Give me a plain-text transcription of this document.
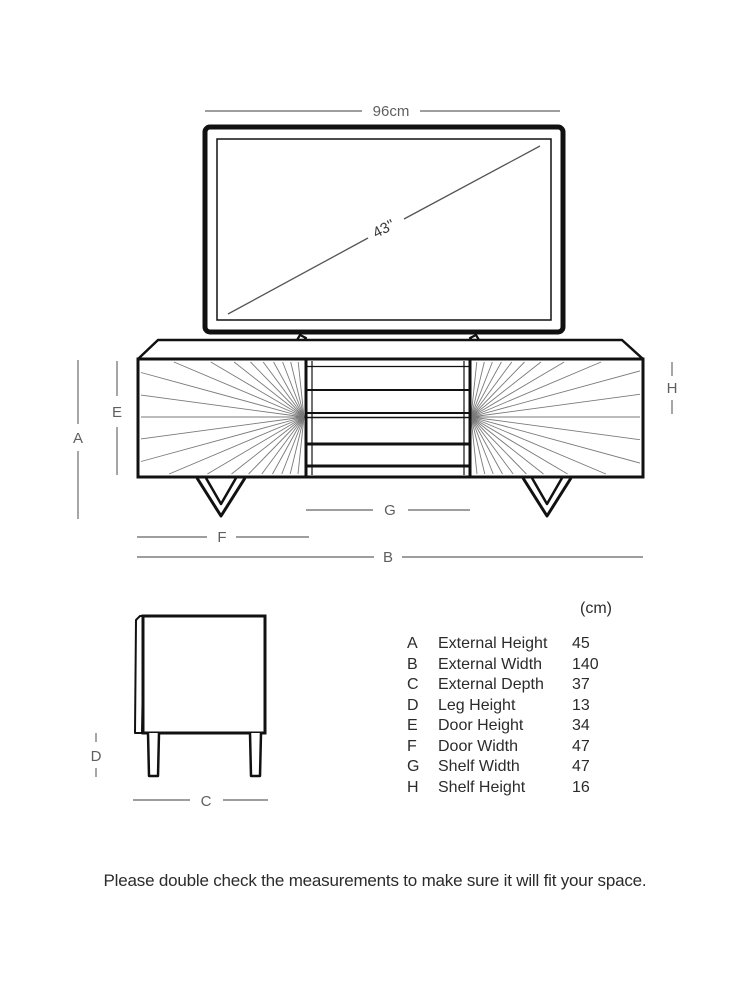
96cm
43''
A
E
H
G
F
B
D
C
(cm)
A	External Height	45
B	External Width	140
C	External Depth	37
D	Leg Height	13
E	Door Height	34
F	Door Width	47
G	Shelf Width	47
H	Shelf Height	16
Please double check the measurements to make sure it will fit your space.
